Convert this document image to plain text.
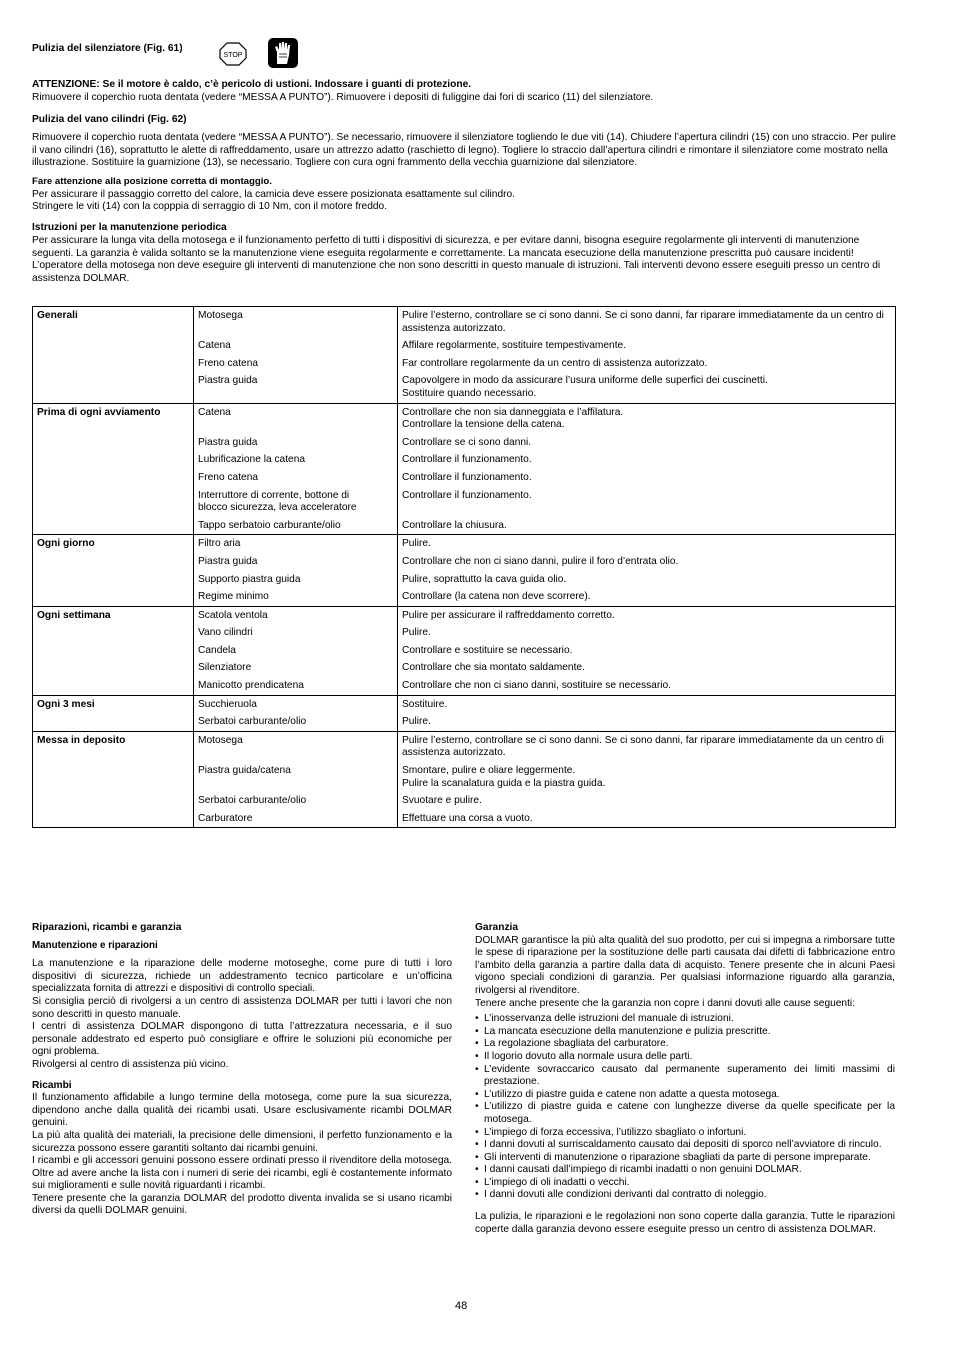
Pulizia del silenziatore (Fig. 61)

ATTENZIONE: Se il motore è caldo, c’è pericolo di ustioni. Indossare i guanti di protezione.

Rimuovere il coperchio ruota dentata (vedere “MESSA A PUNTO”). Rimuovere i depositi di fuliggine dai fori di scarico (11) del silenziatore.

Pulizia del vano cilindri (Fig. 62)

Rimuovere il coperchio ruota dentata (vedere “MESSA A PUNTO”). Se necessario, rimuovere il silenziatore togliendo le due viti (14). Chiudere l’apertura cilindri (15) con uno straccio. Per pulire il vano cilindri (16), soprattutto le alette di raffreddamento, usare un attrezzo adatto (raschietto di legno). Togliere lo straccio dall’apertura cilindri e rimontare il silenziatore come mostrato nella illustrazione. Sostituire la guarnizione (13), se necessario. Togliere con cura ogni frammento della vecchia guarnizione dal silenziatore.

Fare attenzione alla posizione corretta di montaggio.

Per assicurare il passaggio corretto del calore, la camicia deve essere posizionata esattamente sul cilindro.

Stringere le viti (14) con la copppia di serraggio di 10 Nm, con il motore freddo.

Istruzioni per la manutenzione periodica

Per assicurare la lunga vita della motosega e il funzionamento perfetto di tutti i dispositivi di sicurezza, e per evitare danni, bisogna eseguire regolarmente gli interventi di manutenzione seguenti. La garanzia è valida soltanto se la manutenzione viene eseguita regolarmente e correttamente. La mancata esecuzione della manutenzione prescritta può causare incidenti!

L’operatore della motosega non deve eseguire gli interventi di manutenzione che non sono descritti in questo manuale di istruzioni. Tali interventi devono essere eseguiti presso un centro di assistenza DOLMAR.

Generali	Motosega	Pulire l’esterno, controllare se ci sono danni. Se ci sono danni, far riparare immediatamente da un centro di assistenza autorizzato.
	Catena	Affilare regolarmente, sostituire tempestivamente.
	Freno catena	Far controllare regolarmente da un centro di assistenza autorizzato.
	Piastra guida	Capovolgere in modo da assicurare l’usura uniforme delle superfici dei cuscinetti.
Sostituire quando necessario.
Prima di ogni avviamento	Catena	Controllare che non sia danneggiata e l’affilatura.
Controllare la tensione della catena.
	Piastra guida	Controllare se ci sono danni.
	Lubrificazione la catena	Controllare il funzionamento.
	Freno catena	Controllare il funzionamento.
	Interruttore di corrente, bottone di
blocco sicurezza, leva acceleratore	Controllare il funzionamento.
	Tappo serbatoio carburante/olio	Controllare la chiusura.
Ogni giorno	Filtro aria	Pulire.
	Piastra guida	Controllare che non ci siano danni, pulire il foro d’entrata olio.
	Supporto piastra guida	Pulire, soprattutto la cava guida olio.
	Regime minimo	Controllare (la catena non deve scorrere).
Ogni settimana	Scatola ventola	Pulire per assicurare il raffreddamento corretto.
	Vano cilindri	Pulire.
	Candela	Controllare e sostituire se necessario.
	Silenziatore	Controllare che sia montato saldamente.
	Manicotto prendicatena	Controllare che non ci siano danni, sostituire se necessario.
Ogni 3 mesi	Succhieruola	Sostituire.
	Serbatoi carburante/olio	Pulire.
Messa in deposito	Motosega	Pulire l’esterno, controllare se ci sono danni. Se ci sono danni, far riparare immediatamente da un centro di assistenza autorizzato.
	Piastra guida/catena	Smontare, pulire e oliare leggermente.
Pulire la scanalatura guida e la piastra guida.
	Serbatoi carburante/olio	Svuotare e pulire.
	Carburatore	Effettuare una corsa a vuoto.

Riparazioni, ricambi e garanzia

Manutenzione e riparazioni

La manutenzione e la riparazione delle moderne motoseghe, come pure di tutti i loro dispositivi di sicurezza, richiede un addestramento tecnico particolare e un’officina specializzata fornita di attrezzi e dispositivi di controllo speciali.

Si consiglia perciò di rivolgersi a un centro di assistenza DOLMAR per tutti i lavori che non sono descritti in questo manuale.

I centri di assistenza DOLMAR dispongono di tutta l’attrezzatura necessaria, e il suo personale addestrato ed esperto può consigliare e offrire le soluzioni più economiche per ogni problema.

Rivolgersi al centro di assistenza più vicino.

Ricambi

Il funzionamento affidabile a lungo termine della motosega, come pure la sua sicurezza, dipendono anche dalla qualità dei ricambi usati. Usare esclusivamente ricambi DOLMAR genuini.

La più alta qualità dei materiali, la precisione delle dimensioni, il perfetto funzionamento e la sicurezza possono essere garantiti soltanto dai ricambi genuini.

I ricambi e gli accessori genuini possono essere ordinati presso il rivenditore della motosega. Oltre ad avere anche la lista con i numeri di serie dei ricambi, egli è costantemente informato sui miglioramenti e sulle novità riguardanti i ricambi.

Tenere presente che la garanzia DOLMAR del prodotto diventa invalida se si usano ricambi diversi da quelli DOLMAR genuini.

Garanzia

DOLMAR garantisce la più alta qualità del suo prodotto, per cui si impegna a rimborsare tutte le spese di riparazione per la sostituzione delle parti causata dai difetti di fabbricazione entro l’ambito della garanzia a partire dalla data di acquisto. Tenere presente che in alcuni Paesi vigono speciali condizioni di garanzia. Per qualsiasi informazione riguardo alla garanzia, rivolgersi al rivenditore.

Tenere anche presente che la garanzia non copre i danni dovuti alle cause seguenti:

• L’inosservanza delle istruzioni del manuale di istruzioni.
• La mancata esecuzione della manutenzione e pulizia prescritte.
• La regolazione sbagliata del carburatore.
• Il logorio dovuto alla normale usura delle parti.
• L’evidente sovraccarico causato dal permanente superamento dei limiti massimi di prestazione.
• L’utilizzo di piastre guida e catene non adatte a questa motosega.
• L’utilizzo di piastre guida e catene con lunghezze diverse da quelle specificate per la motosega.
• L’impiego di forza eccessiva, l’utilizzo sbagliato o infortuni.
• I danni dovuti al surriscaldamento causato dai depositi di sporco nell’avviatore di rinculo.
• Gli interventi di manutenzione o riparazione sbagliati da parte di persone impreparate.
• I danni causati dall’impiego di ricambi inadatti o non genuini DOLMAR.
• L’impiego di oli inadatti o vecchi.
• I danni dovuti alle condizioni derivanti dal contratto di noleggio.

La pulizia, le riparazioni e le regolazioni non sono coperte dalla garanzia. Tutte le riparazioni coperte dalla garanzia devono essere eseguite presso un centro di assistenza DOLMAR.

STOP
48
